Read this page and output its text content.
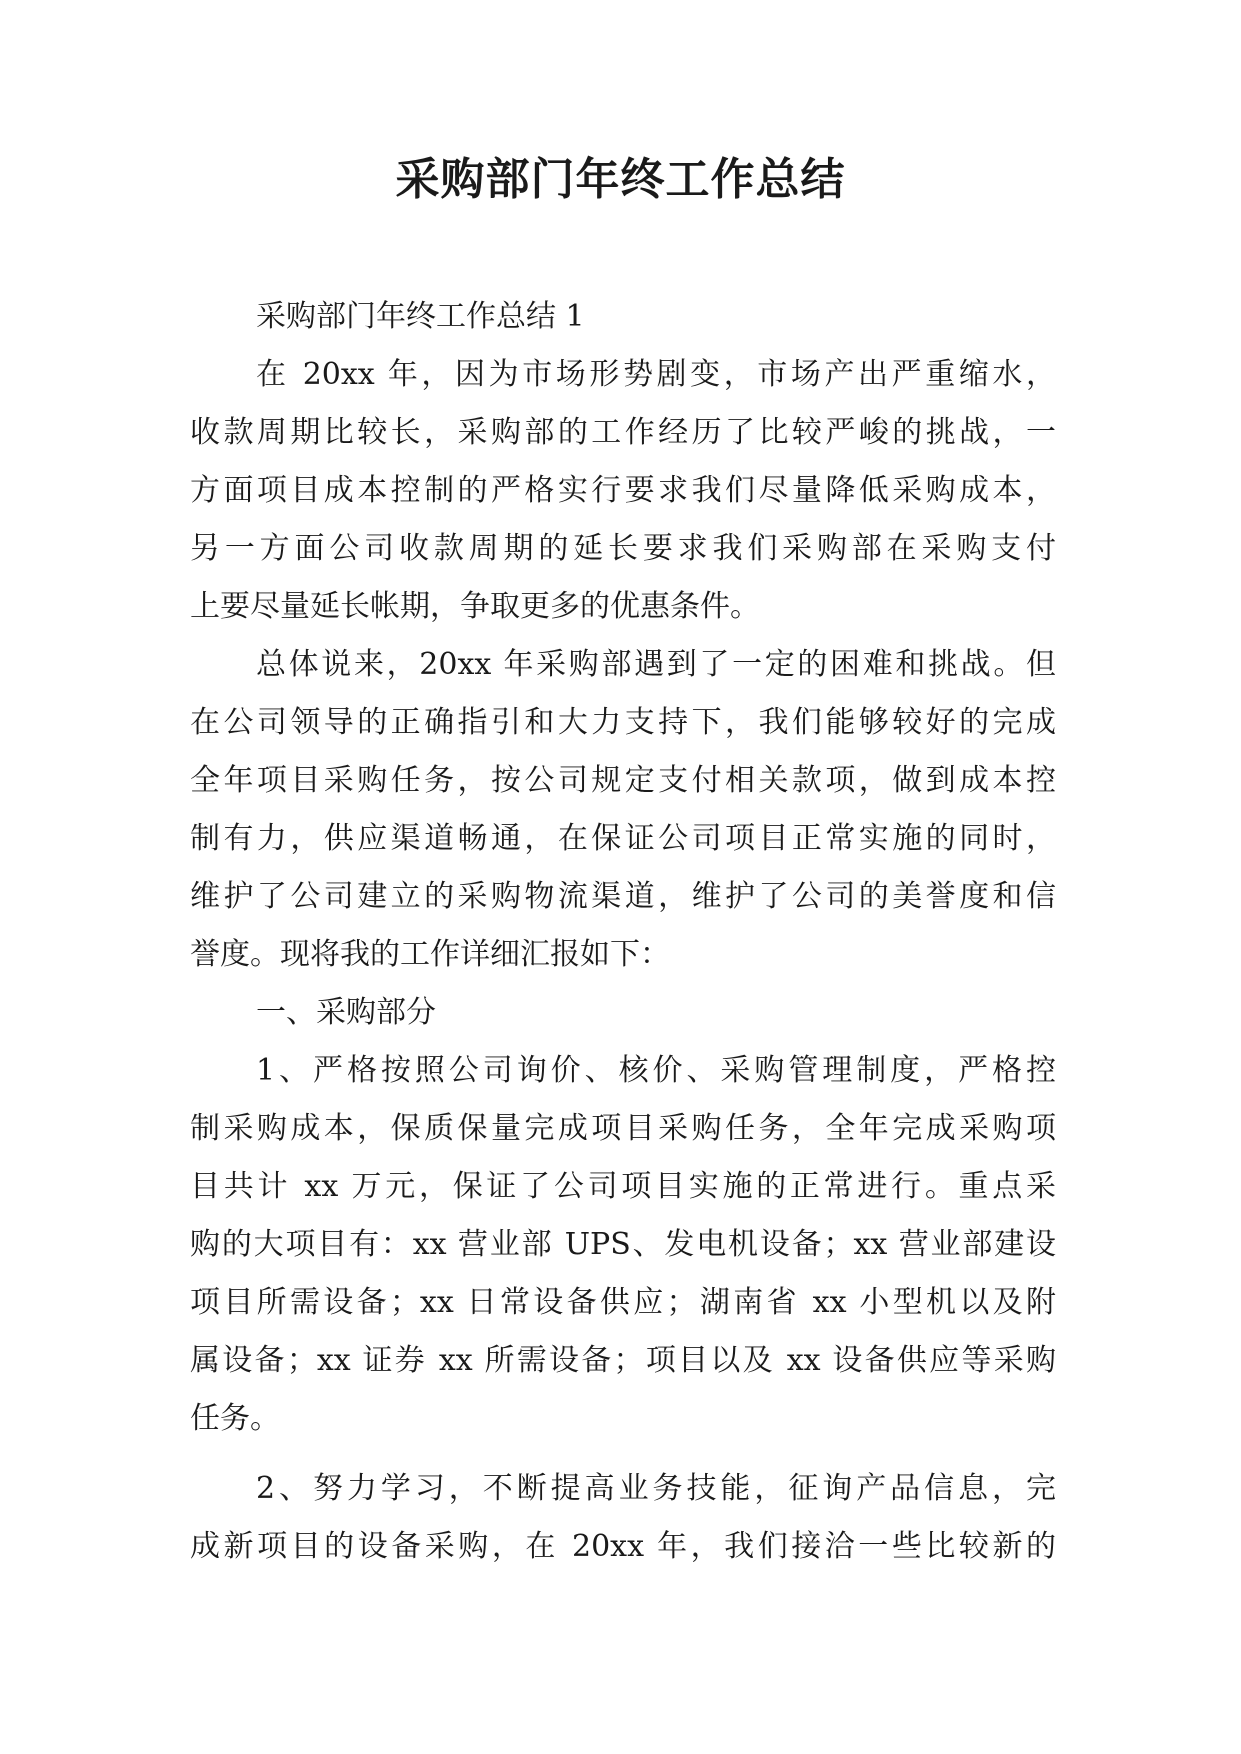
采购部门年终工作总结
采购部门年终工作总结 1
在 20xx 年，因为市场形势剧变，市场产出严重缩水，
收款周期比较长，采购部的工作经历了比较严峻的挑战，一
方面项目成本控制的严格实行要求我们尽量降低采购成本，
另一方面公司收款周期的延长要求我们采购部在采购支付
上要尽量延长帐期，争取更多的优惠条件。
总体说来，20xx 年采购部遇到了一定的困难和挑战。但
在公司领导的正确指引和大力支持下，我们能够较好的完成
全年项目采购任务，按公司规定支付相关款项，做到成本控
制有力，供应渠道畅通，在保证公司项目正常实施的同时，
维护了公司建立的采购物流渠道，维护了公司的美誉度和信
誉度。现将我的工作详细汇报如下：
一、采购部分
1、严格按照公司询价、核价、采购管理制度，严格控
制采购成本，保质保量完成项目采购任务，全年完成采购项
目共计 xx 万元，保证了公司项目实施的正常进行。重点采
购的大项目有：xx 营业部 UPS、发电机设备；xx 营业部建设
项目所需设备；xx 日常设备供应；湖南省 xx 小型机以及附
属设备；xx 证券 xx 所需设备；项目以及 xx 设备供应等采购
任务。
2、努力学习，不断提高业务技能，征询产品信息，完
成新项目的设备采购，在 20xx 年，我们接洽一些比较新的
